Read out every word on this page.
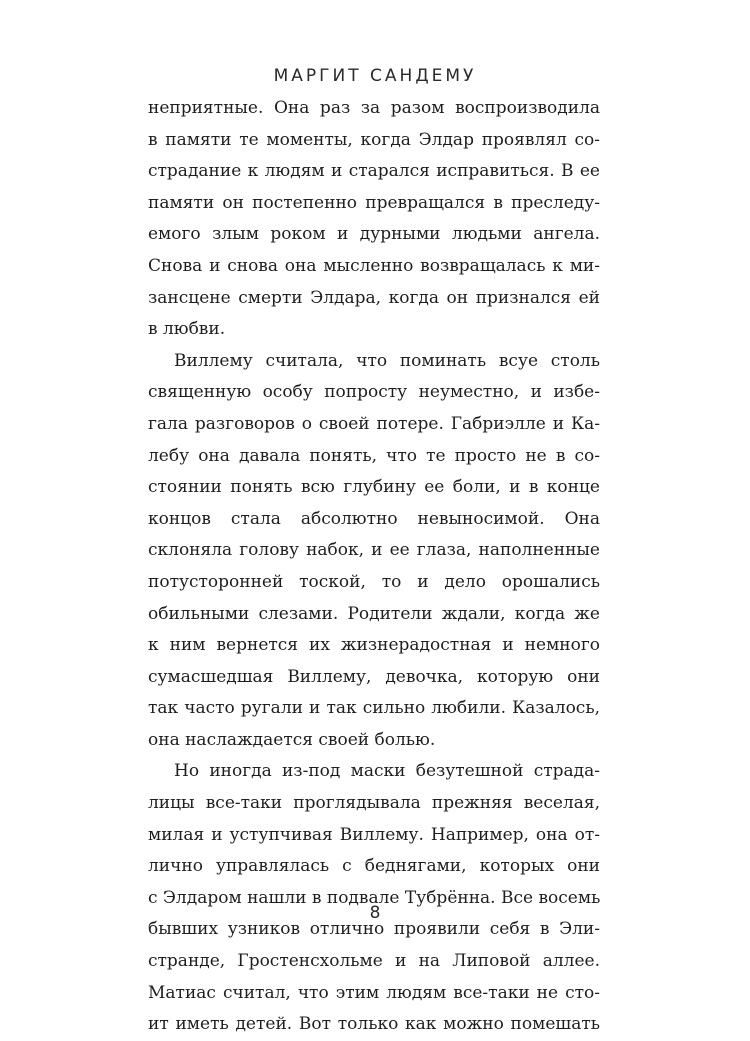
МАРГИТ САНДЕМУ
неприятные. Она раз за разом воспроизводила
в памяти те моменты, когда Элдар проявлял со-
страдание к людям и старался исправиться. В ее
памяти он постепенно превращался в преследу-
емого злым роком и дурными людьми ангела.
Снова и снова она мысленно возвращалась к ми-
зансцене смерти Элдара, когда он признался ей
в любви.
Виллему считала, что поминать всуе столь
священную особу попросту неуместно, и избе-
гала разговоров о своей потере. Габриэлле и Ка-
лебу она давала понять, что те просто не в со-
стоянии понять всю глубину ее боли, и в конце
концов стала абсолютно невыносимой. Она
склоняла голову набок, и ее глаза, наполненные
потусторонней тоской, то и дело орошались
обильными слезами. Родители ждали, когда же
к ним вернется их жизнерадостная и немного
сумасшедшая Виллему, девочка, которую они
так часто ругали и так сильно любили. Казалось,
она наслаждается своей болью.
Но иногда из-под маски безутешной страда-
лицы все-таки проглядывала прежняя веселая,
милая и уступчивая Виллему. Например, она от-
лично управлялась с беднягами, которых они
с Элдаром нашли в подвале Тубрённа. Все восемь
бывших узников отлично проявили себя в Эли-
странде, Гростенсхольме и на Липовой аллее.
Матиас считал, что этим людям все-таки не сто-
ит иметь детей. Вот только как можно помешать
8
